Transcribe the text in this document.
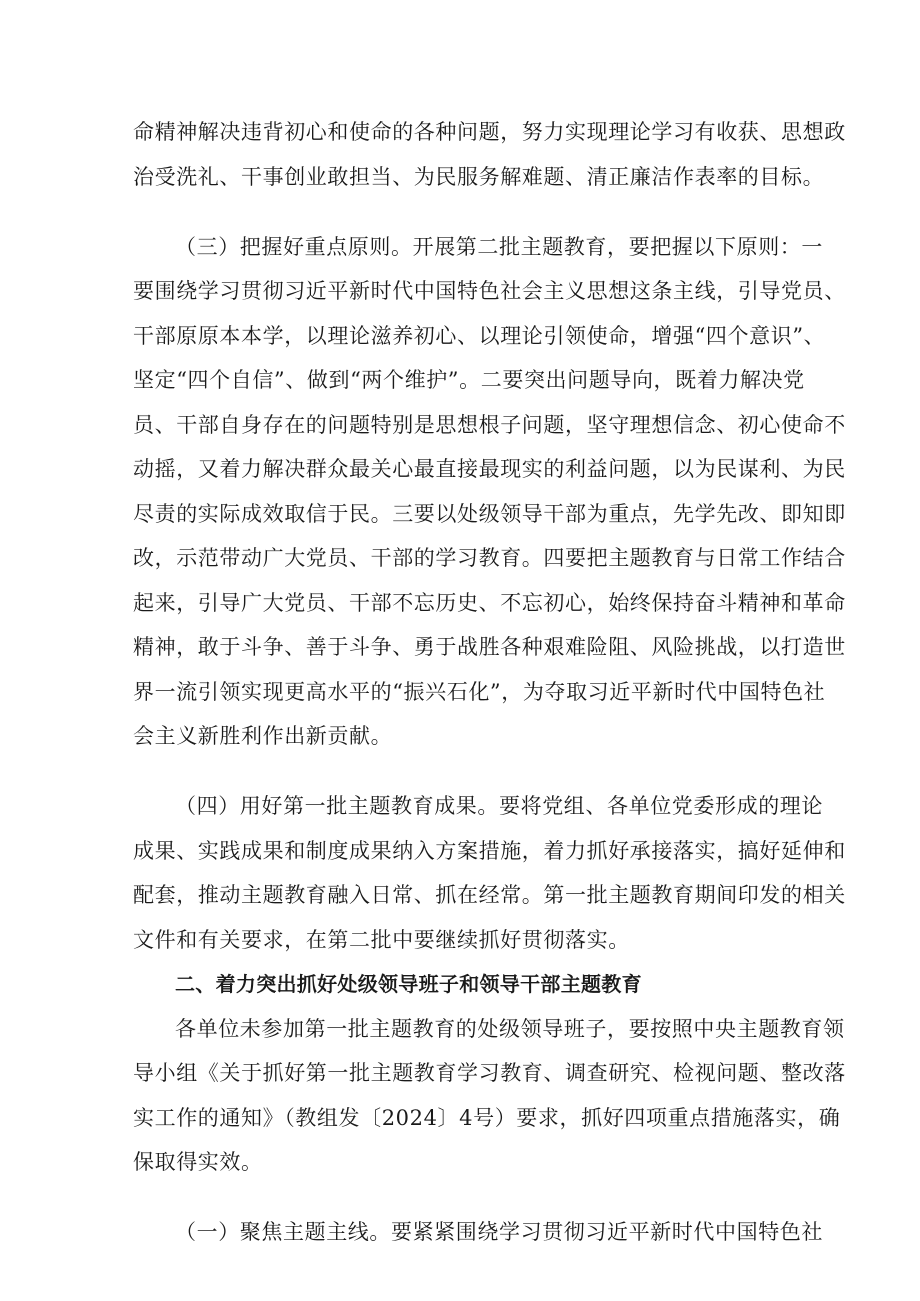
命精神解决违背初心和使命的各种问题，努力实现理论学习有收获、思想政
治受洗礼、干事创业敢担当、为民服务解难题、清正廉洁作表率的目标。
（三）把握好重点原则。开展第二批主题教育，要把握以下原则：一
要围绕学习贯彻习近平新时代中国特色社会主义思想这条主线，引导党员、
干部原原本本学，以理论滋养初心、以理论引领使命，增强“四个意识”、
坚定“四个自信”、做到“两个维护”。二要突出问题导向，既着力解决党
员、干部自身存在的问题特别是思想根子问题，坚守理想信念、初心使命不
动摇，又着力解决群众最关心最直接最现实的利益问题，以为民谋利、为民
尽责的实际成效取信于民。三要以处级领导干部为重点，先学先改、即知即
改，示范带动广大党员、干部的学习教育。四要把主题教育与日常工作结合
起来，引导广大党员、干部不忘历史、不忘初心，始终保持奋斗精神和革命
精神，敢于斗争、善于斗争、勇于战胜各种艰难险阻、风险挑战，以打造世
界一流引领实现更高水平的“振兴石化”，为夺取习近平新时代中国特色社
会主义新胜利作出新贡献。
（四）用好第一批主题教育成果。要将党组、各单位党委形成的理论
成果、实践成果和制度成果纳入方案措施，着力抓好承接落实，搞好延伸和
配套，推动主题教育融入日常、抓在经常。第一批主题教育期间印发的相关
文件和有关要求，在第二批中要继续抓好贯彻落实。
二、着力突出抓好处级领导班子和领导干部主题教育
各单位未参加第一批主题教育的处级领导班子，要按照中央主题教育领
导小组《关于抓好第一批主题教育学习教育、调查研究、检视问题、整改落
实工作的通知》（教组发〔2024〕4号）要求，抓好四项重点措施落实，确
保取得实效。
（一）聚焦主题主线。要紧紧围绕学习贯彻习近平新时代中国特色社
